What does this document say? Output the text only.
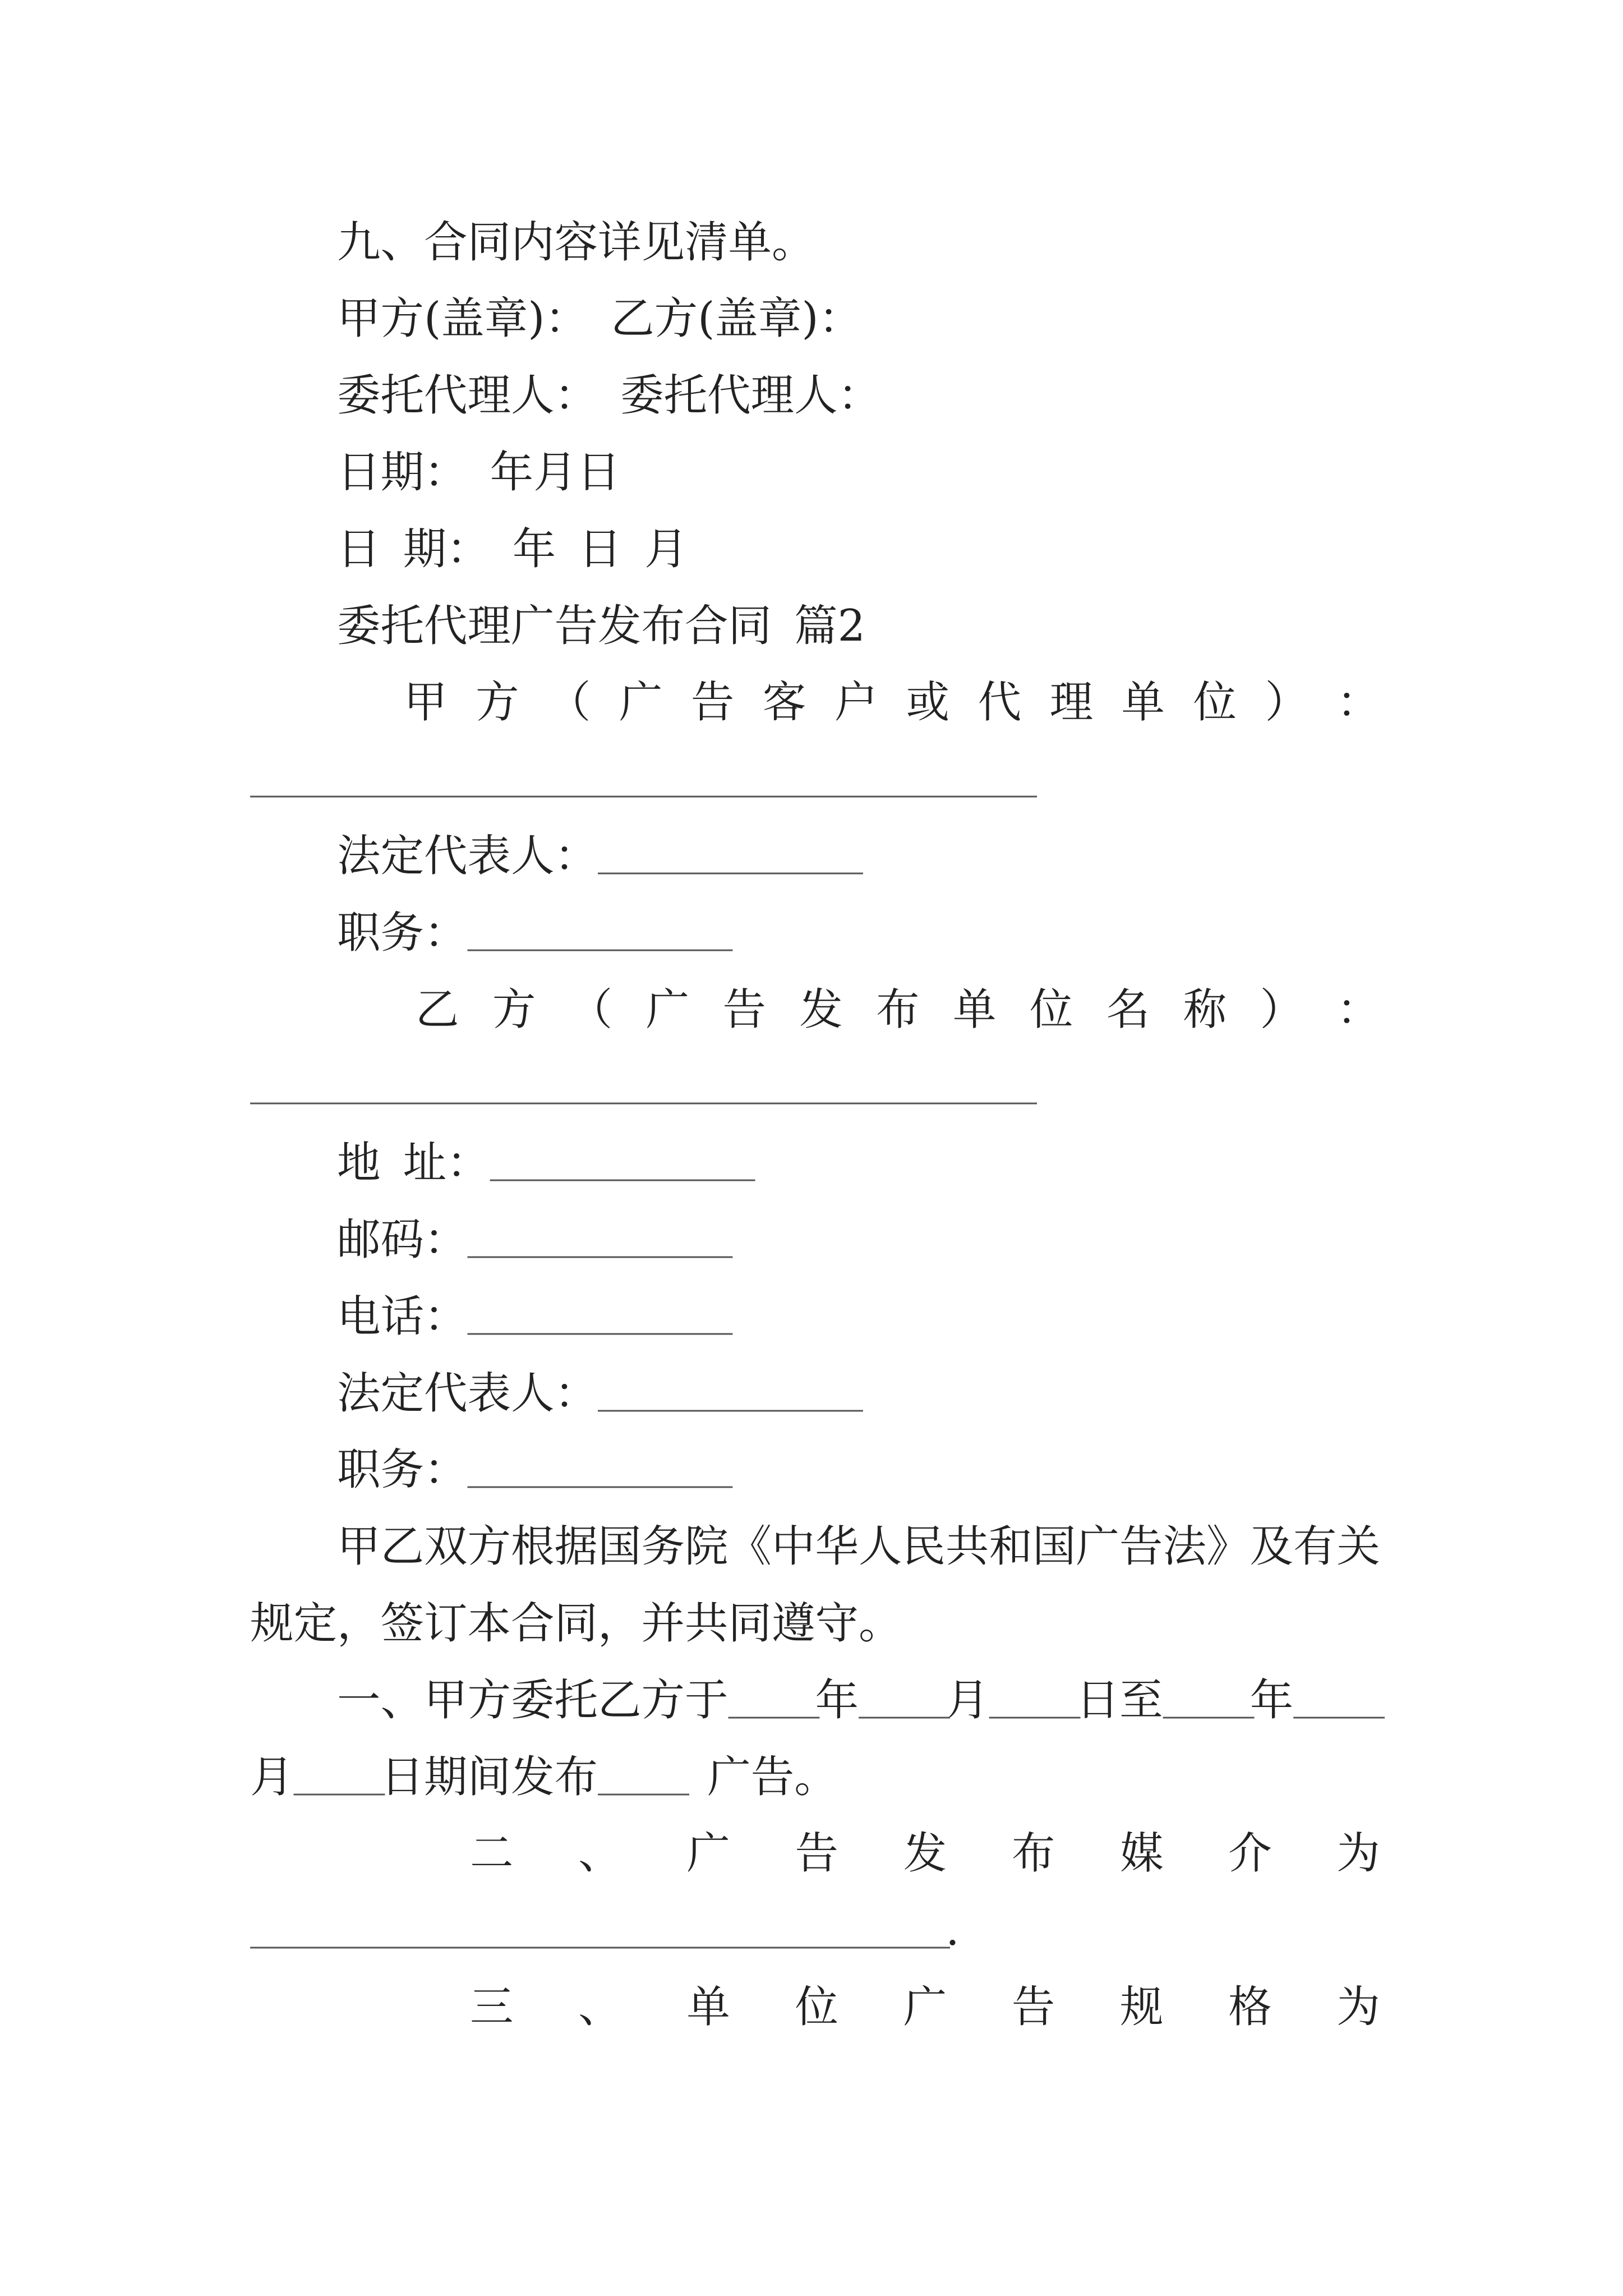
九、合同内容详见清单。
甲方(盖章)： 乙方(盖章)：
委托代理人： 委托代理人：
日期： 年月日
日 期： 年 日 月
委托代理广告发布合同 篇2
甲 方 （ 广 告 客 户 或 代 理 单 位 ） ：
____________________________________
法定代表人：____________
职务：____________
乙 方 （ 广 告 发 布 单 位 名 称 ） ：
____________________________________
地 址：____________
邮码：____________
电话：____________
法定代表人：____________
职务：____________
甲乙双方根据国务院《中华人民共和国广告法》及有关
规定，签订本合同，并共同遵守。
一、甲方委托乙方于____年____月____日至____年____
月____日期间发布____ 广告。
二 、 广 告 发 布 媒 介 为
________________________________.
三 、 单 位 广 告 规 格 为
